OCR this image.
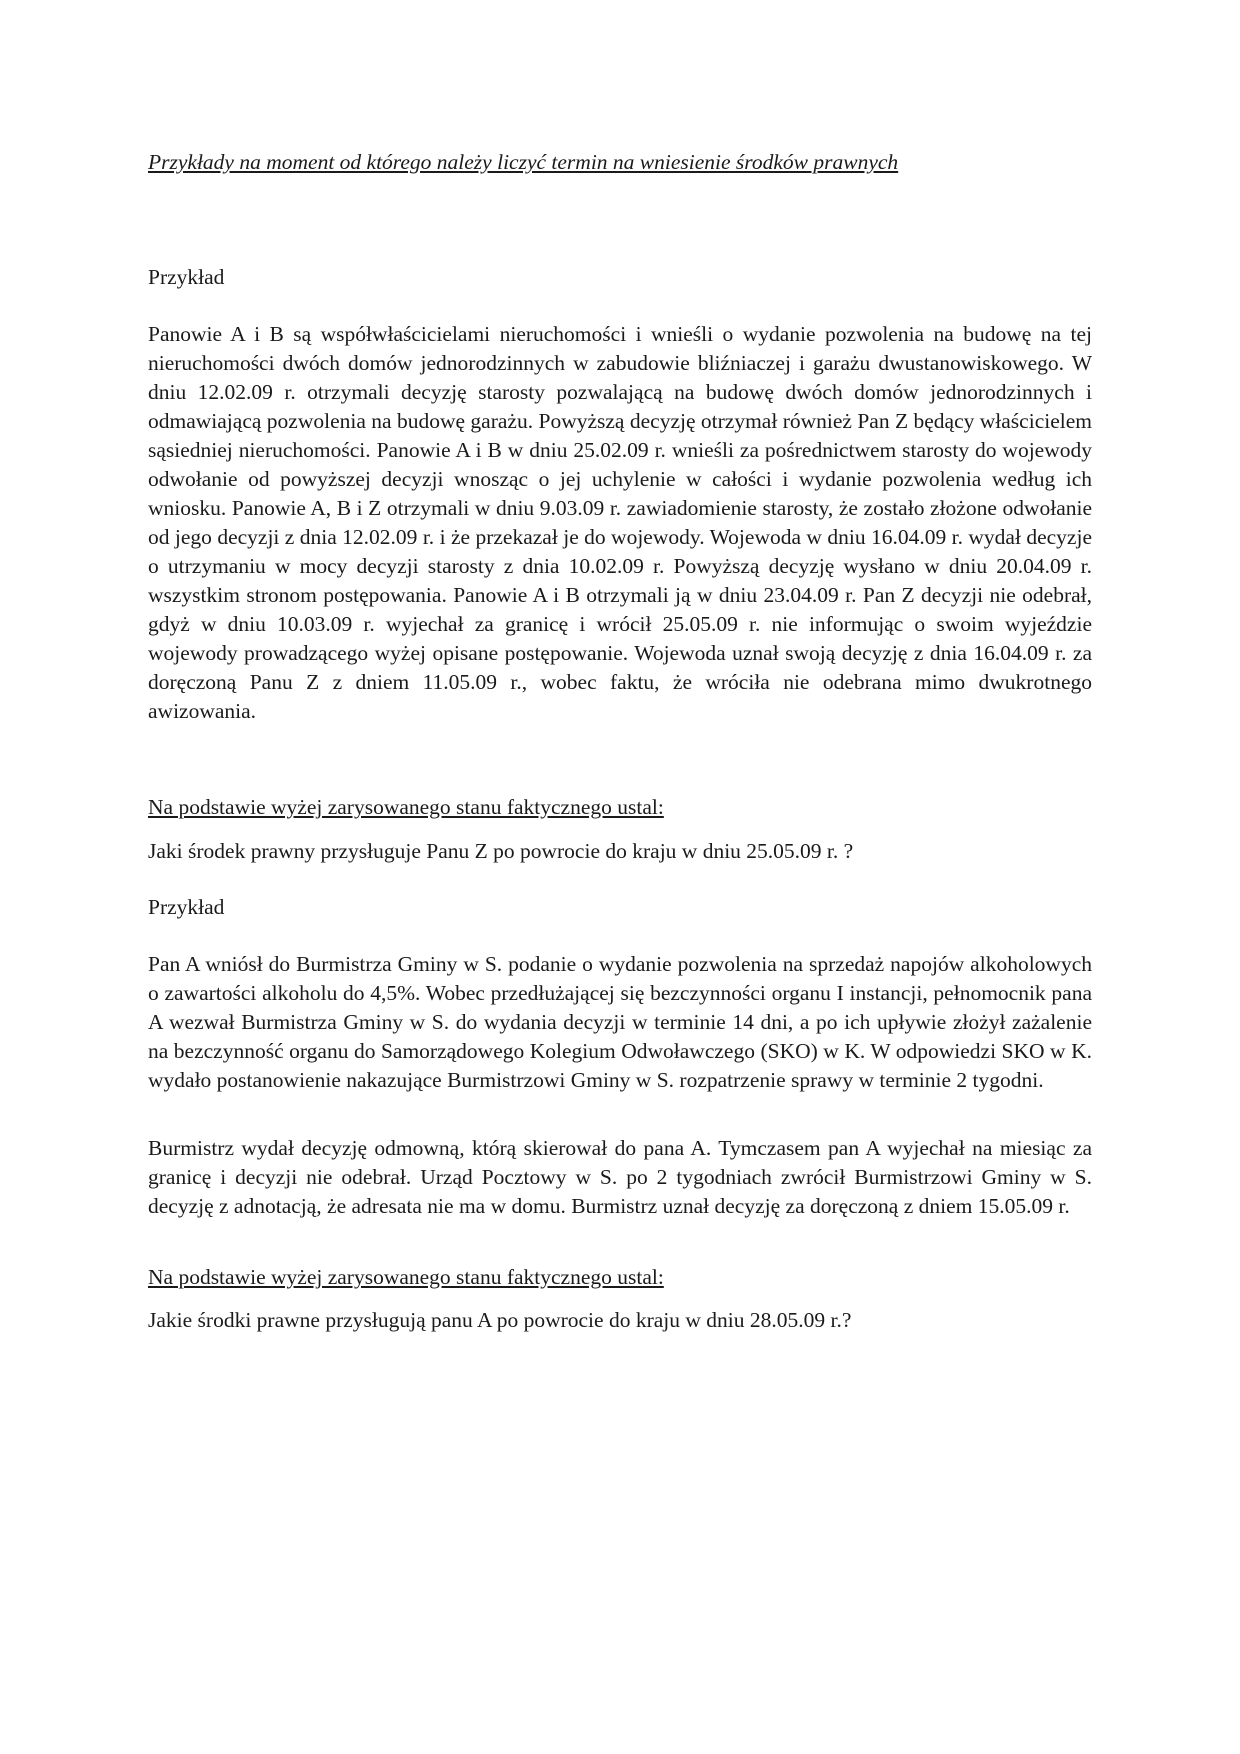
Przykłady na moment od którego należy liczyć termin na wniesienie środków prawnych
Przykład
Panowie A i B są współwłaścicielami nieruchomości i wnieśli o wydanie pozwolenia na budowę na tej nieruchomości dwóch domów jednorodzinnych w zabudowie bliźniaczej i garażu dwustanowiskowego. W dniu 12.02.09 r. otrzymali decyzję starosty pozwalającą na budowę dwóch domów jednorodzinnych i odmawiającą pozwolenia na budowę garażu. Powyższą decyzję otrzymał również Pan Z będący właścicielem sąsiedniej nieruchomości. Panowie A i B w dniu 25.02.09 r. wnieśli za pośrednictwem starosty do wojewody odwołanie od powyższej decyzji wnosząc o jej uchylenie w całości i wydanie pozwolenia według ich wniosku. Panowie A, B i Z otrzymali w dniu 9.03.09 r. zawiadomienie starosty, że zostało złożone odwołanie od jego decyzji z dnia 12.02.09 r. i że przekazał je do wojewody. Wojewoda w dniu 16.04.09 r. wydał decyzje o utrzymaniu w mocy decyzji starosty z dnia 10.02.09 r. Powyższą decyzję wysłano w dniu 20.04.09 r. wszystkim stronom postępowania. Panowie A i B otrzymali ją w dniu 23.04.09 r. Pan Z decyzji nie odebrał, gdyż w dniu 10.03.09 r. wyjechał za granicę i wrócił 25.05.09 r. nie informując o swoim wyjeździe wojewody prowadzącego wyżej opisane postępowanie. Wojewoda uznał swoją decyzję z dnia 16.04.09 r. za doręczoną Panu Z z dniem 11.05.09 r., wobec faktu, że wróciła nie odebrana mimo dwukrotnego awizowania.
Na podstawie wyżej zarysowanego stanu faktycznego ustal:
Jaki środek prawny przysługuje Panu Z po powrocie do kraju w dniu 25.05.09 r. ?
Przykład
Pan A wniósł do Burmistrza Gminy w S. podanie o wydanie pozwolenia na sprzedaż napojów alkoholowych o zawartości alkoholu do 4,5%. Wobec przedłużającej się bezczynności organu I instancji, pełnomocnik pana A wezwał Burmistrza Gminy w S. do wydania decyzji w terminie 14 dni, a po ich upływie złożył zażalenie na bezczynność organu do Samorządowego Kolegium Odwoławczego (SKO) w K. W odpowiedzi SKO w K. wydało postanowienie nakazujące Burmistrzowi Gminy w S. rozpatrzenie sprawy w terminie 2 tygodni.
Burmistrz wydał decyzję odmowną, którą skierował do pana A. Tymczasem pan A wyjechał na miesiąc za granicę i decyzji nie odebrał. Urząd Pocztowy w S. po 2 tygodniach zwrócił Burmistrzowi Gminy w S. decyzję z adnotacją, że adresata nie ma w domu. Burmistrz uznał decyzję za doręczoną z dniem 15.05.09 r.
Na podstawie wyżej zarysowanego stanu faktycznego ustal:
Jakie środki prawne przysługują panu A po powrocie do kraju w dniu 28.05.09 r.?
